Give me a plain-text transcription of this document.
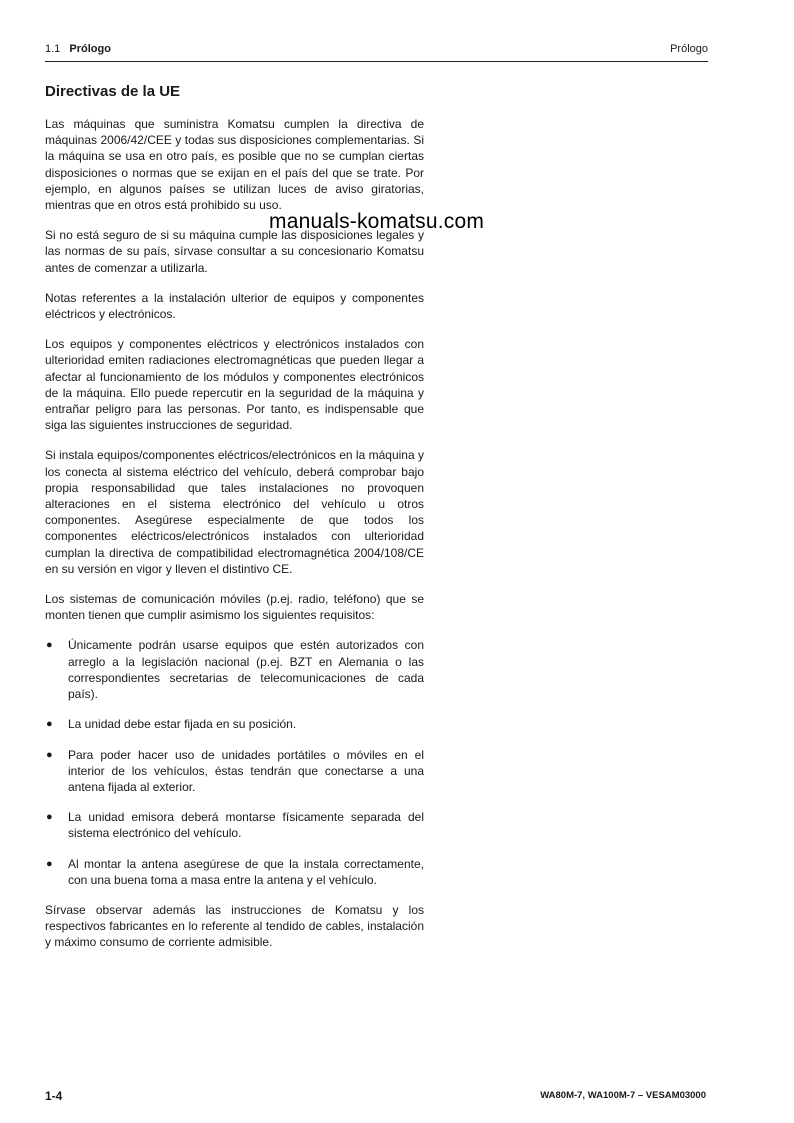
1.1 Prólogo	Prólogo
Directivas de la UE

Las máquinas que suministra Komatsu cumplen la directiva de máquinas 2006/42/CEE y todas sus disposiciones complementarias. Si la máquina se usa en otro país, es posible que no se cumplan ciertas disposiciones o normas que se exijan en el país del que se trate. Por ejemplo, en algunos países se utilizan luces de aviso giratorias, mientras que en otros está prohibido su uso.

Si no está seguro de si su máquina cumple las disposiciones legales y las normas de su país, sírvase consultar a su concesionario Komatsu antes de comenzar a utilizarla.

Notas referentes a la instalación ulterior de equipos y componentes eléctricos y electrónicos.

Los equipos y componentes eléctricos y electrónicos instalados con ulterioridad emiten radiaciones electromagnéticas que pueden llegar a afectar al funcionamiento de los módulos y componentes electrónicos de la máquina. Ello puede repercutir en la seguridad de la máquina y entrañar peligro para las personas. Por tanto, es indispensable que siga las siguientes instrucciones de seguridad.

Si instala equipos/componentes eléctricos/electrónicos en la máquina y los conecta al sistema eléctrico del vehículo, deberá comprobar bajo propia responsabilidad que tales instalaciones no provoquen alteraciones en el sistema electrónico del vehículo u otros componentes. Asegúrese especialmente de que todos los componentes eléctricos/electrónicos instalados con ulterioridad cumplan la directiva de compatibilidad electromagnética 2004/108/CE en su versión en vigor y lleven el distintivo CE.

Los sistemas de comunicación móviles (p.ej. radio, teléfono) que se monten tienen que cumplir asimismo los siguientes requisitos:

● Únicamente podrán usarse equipos que estén autorizados con arreglo a la legislación nacional (p.ej. BZT en Alemania o las correspondientes secretarias de telecomunicaciones de cada país).
● La unidad debe estar fijada en su posición.
● Para poder hacer uso de unidades portátiles o móviles en el interior de los vehículos, éstas tendrán que conectarse a una antena fijada al exterior.
● La unidad emisora deberá montarse físicamente separada del sistema electrónico del vehículo.
● Al montar la antena asegúrese de que la instala correctamente, con una buena toma a masa entre la antena y el vehículo.

Sírvase observar además las instrucciones de Komatsu y los respectivos fabricantes en lo referente al tendido de cables, instalación y máximo consumo de corriente admisible.

manuals-komatsu.com
1-4	WA80M-7, WA100M-7 – VESAM03000
